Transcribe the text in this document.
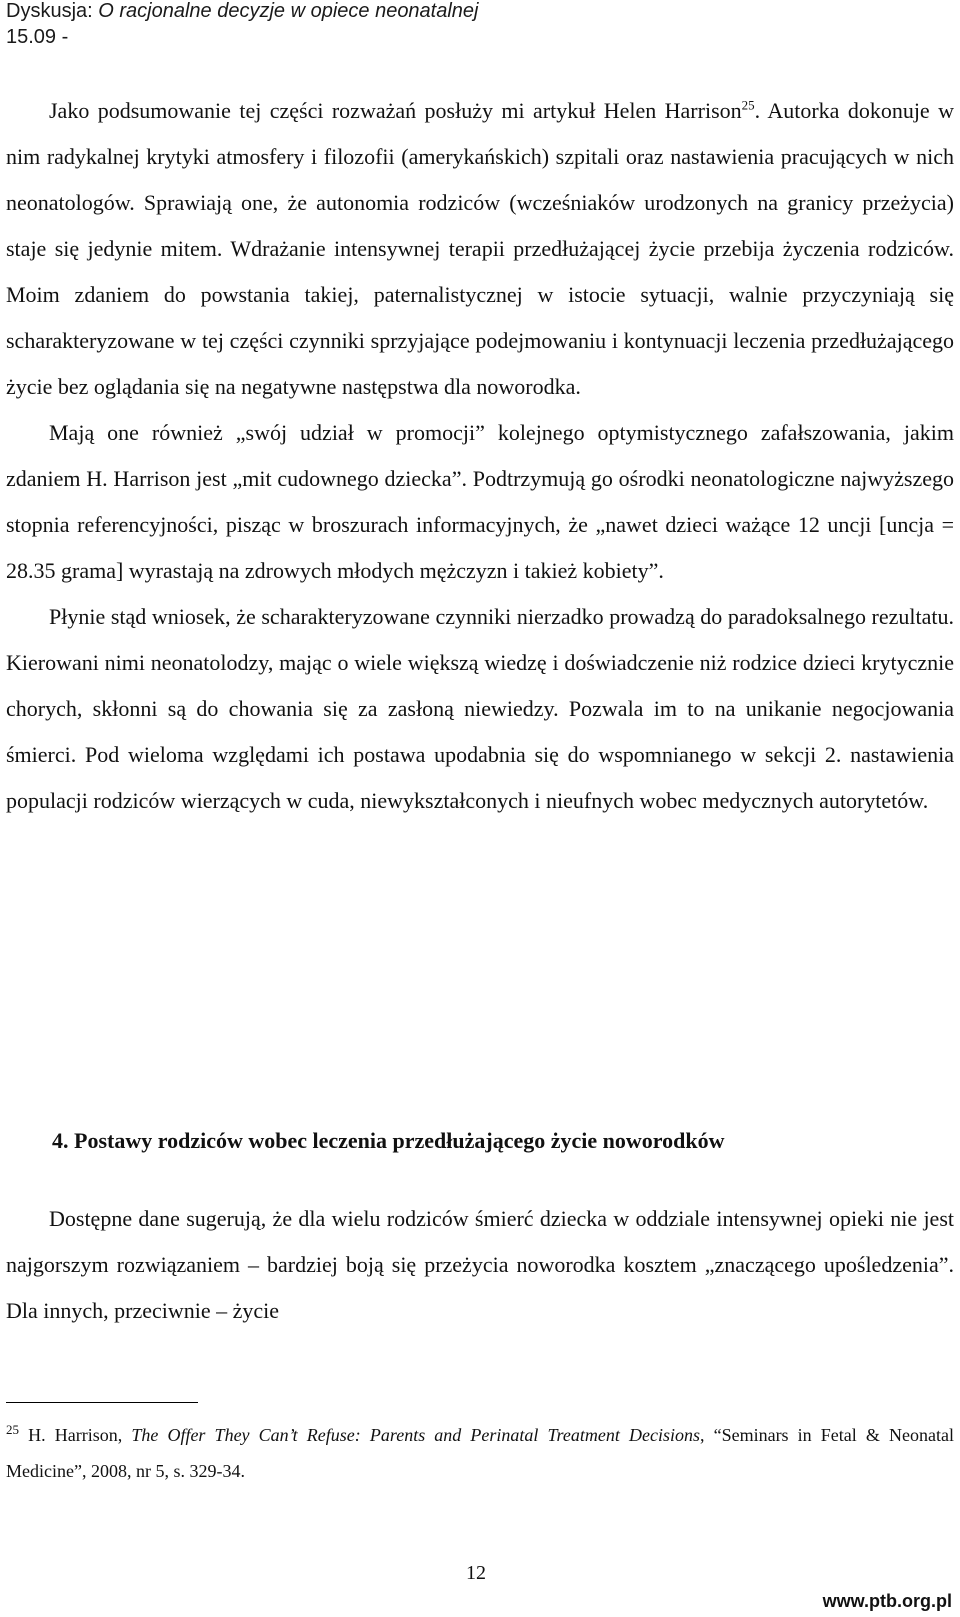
Dyskusja: O racjonalne decyzje w opiece neonatalnej
15.09 -

Jako podsumowanie tej części rozważań posłuży mi artykuł Helen Harrison$^{25}$. Autorka dokonuje w nim radykalnej krytyki atmosfery i filozofii (amerykańskich) szpitali oraz nastawienia pracujących w nich neonatologów. Sprawiają one, że autonomia rodziców (wcześniaków urodzonych na granicy przeżycia) staje się jedynie mitem. Wdrażanie intensywnej terapii przedłużającej życie przebija życzenia rodziców. Moim zdaniem do powstania takiej, paternalistycznej w istocie sytuacji, walnie przyczyniają się scharakteryzowane w tej części czynniki sprzyjające podejmowaniu i kontynuacji leczenia przedłużającego życie bez oglądania się na negatywne następstwa dla noworodka.

Mają one również „swój udział w promocji” kolejnego optymistycznego zafałszowania, jakim zdaniem H. Harrison jest „mit cudownego dziecka”. Podtrzymują go ośrodki neonatologiczne najwyższego stopnia referencyjności, pisząc w broszurach informacyjnych, że „nawet dzieci ważące 12 uncji [uncja = 28.35 grama] wyrastają na zdrowych młodych mężczyzn i takież kobiety”.

Płynie stąd wniosek, że scharakteryzowane czynniki nierzadko prowadzą do paradoksalnego rezultatu. Kierowani nimi neonatolodzy, mając o wiele większą wiedzę i doświadczenie niż rodzice dzieci krytycznie chorych, skłonni są do chowania się za zasłoną niewiedzy. Pozwala im to na unikanie negocjowania śmierci. Pod wieloma względami ich postawa upodabnia się do wspomnianego w sekcji 2. nastawienia populacji rodziców wierzących w cuda, niewykształconych i nieufnych wobec medycznych autorytetów.

4. Postawy rodziców wobec leczenia przedłużającego życie noworodków

Dostępne dane sugerują, że dla wielu rodziców śmierć dziecka w oddziale intensywnej opieki nie jest najgorszym rozwiązaniem – bardziej boją się przeżycia noworodka kosztem „znaczącego upośledzenia”. Dla innych, przeciwnie – życie

$^{25}$ H. Harrison, The Offer They Can’t Refuse: Parents and Perinatal Treatment Decisions, “Seminars in Fetal & Neonatal Medicine”, 2008, nr 5, s. 329-34.
12
www.ptb.org.pl
